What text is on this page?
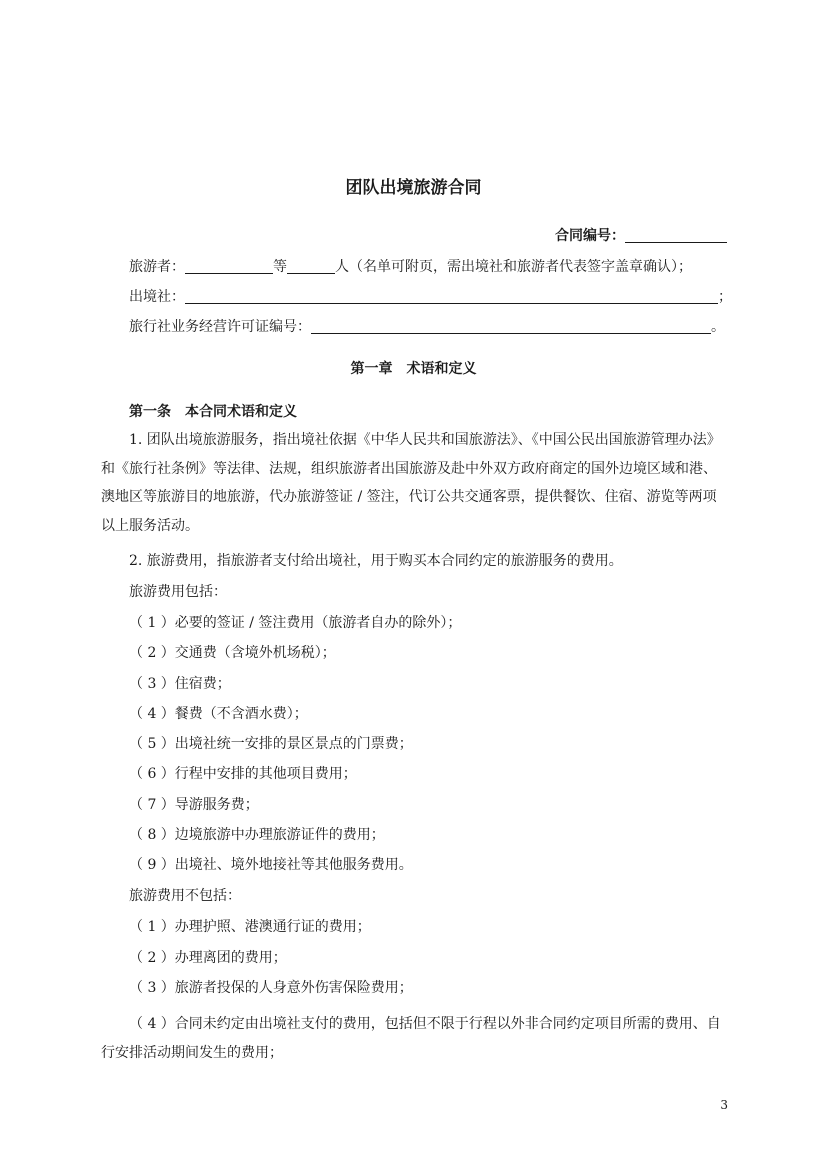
团队出境旅游合同
合同编号：
旅游者：	等	人（名单可附页，需出境社和旅游者代表签字盖章确认）；
出境社：	；
旅行社业务经营许可证编号：	。
第一章　术语和定义
第一条　本合同术语和定义
1. 团队出境旅游服务，指出境社依据《中华人民共和国旅游法》、《中国公民出国旅游管理办法》和《旅行社条例》等法律、法规，组织旅游者出国旅游及赴中外双方政府商定的国外边境区域和港、澳地区等旅游目的地旅游，代办旅游签证 / 签注，代订公共交通客票，提供餐饮、住宿、游览等两项以上服务活动。
2. 旅游费用，指旅游者支付给出境社，用于购买本合同约定的旅游服务的费用。
旅游费用包括：
（ 1 ）必要的签证 / 签注费用（旅游者自办的除外）；
（ 2 ）交通费（含境外机场税）；
（ 3 ）住宿费；
（ 4 ）餐费（不含酒水费）；
（ 5 ）出境社统一安排的景区景点的门票费；
（ 6 ）行程中安排的其他项目费用；
（ 7 ）导游服务费；
（ 8 ）边境旅游中办理旅游证件的费用；
（ 9 ）出境社、境外地接社等其他服务费用。
旅游费用不包括：
（ 1 ）办理护照、港澳通行证的费用；
（ 2 ）办理离团的费用；
（ 3 ）旅游者投保的人身意外伤害保险费用；
（ 4 ）合同未约定由出境社支付的费用，包括但不限于行程以外非合同约定项目所需的费用、自行安排活动期间发生的费用；
3
